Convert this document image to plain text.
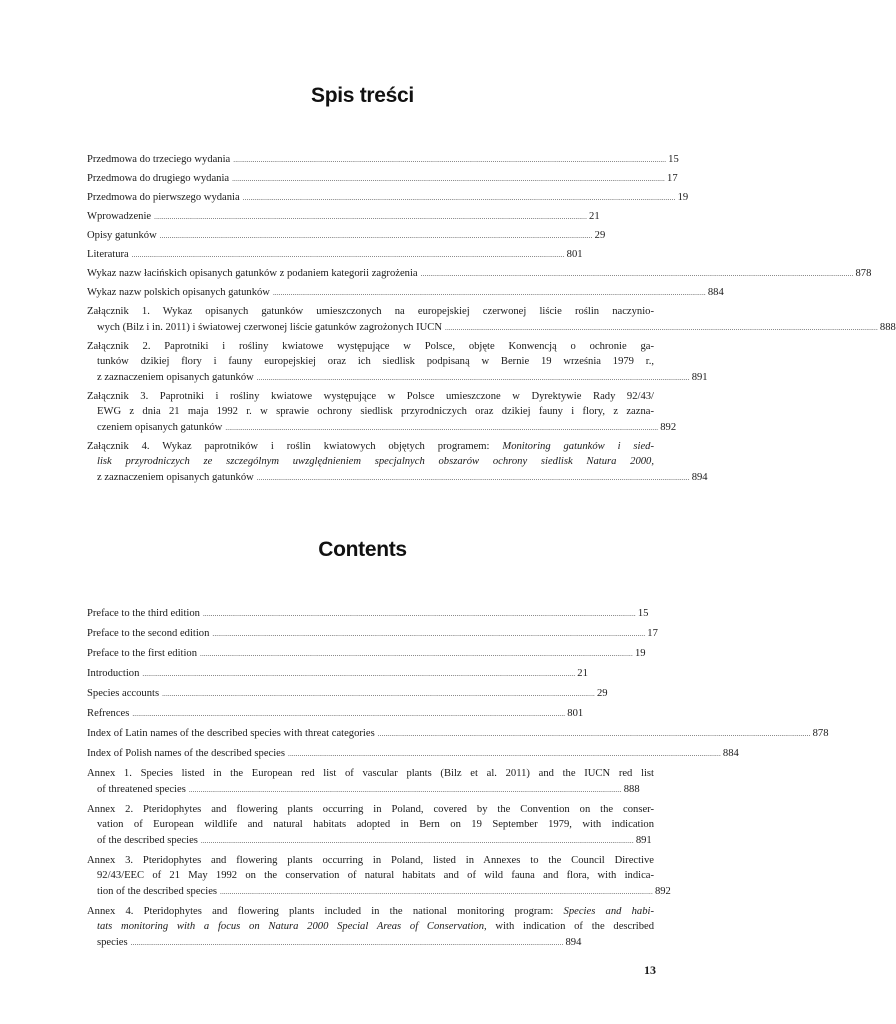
Spis treści
Przedmowa do trzeciego wydania .....	15
Przedmowa do drugiego wydania .....	17
Przedmowa do pierwszego wydania .....	19
Wprowadzenie .....	21
Opisy gatunków .....	29
Literatura .....	801
Wykaz nazw łacińskich opisanych gatunków z podaniem kategorii zagrożenia .....	878
Wykaz nazw polskich opisanych gatunków .....	884
Załącznik 1. Wykaz opisanych gatunków umieszczonych na europejskiej czerwonej liście roślin naczynio-
wych (Bilz i in. 2011) i światowej czerwonej liście gatunków zagrożonych IUCN .....	888
Załącznik 2. Paprotniki i rośliny kwiatowe występujące w Polsce, objęte Konwencją o ochronie ga-
tunków dzikiej flory i fauny europejskiej oraz ich siedlisk podpisaną w Bernie 19 września 1979 r.,
z zaznaczeniem opisanych gatunków .....	891
Załącznik 3. Paprotniki i rośliny kwiatowe występujące w Polsce umieszczone w Dyrektywie Rady 92/43/
EWG z dnia 21 maja 1992 r. w sprawie ochrony siedlisk przyrodniczych oraz dzikiej fauny i flory, z zazna-
czeniem opisanych gatunków .....	892
Załącznik 4. Wykaz paprotników i roślin kwiatowych objętych programem: Monitoring gatunków i sied-
lisk przyrodniczych ze szczególnym uwzględnieniem specjalnych obszarów ochrony siedlisk Natura 2000,
z zaznaczeniem opisanych gatunków .....	894
Contents
Preface to the third edition .....	15
Preface to the second edition .....	17
Preface to the first edition .....	19
Introduction .....	21
Species accounts .....	29
Refrences .....	801
Index of Latin names of the described species with threat categories .....	878
Index of Polish names of the described species .....	884
Annex 1. Species listed in the European red list of vascular plants (Bilz et al. 2011) and the IUCN red list
of threatened species .....	888
Annex 2. Pteridophytes and flowering plants occurring in Poland, covered by the Convention on the conser-
vation of European wildlife and natural habitats adopted in Bern on 19 September 1979, with indication
of the described species .....	891
Annex 3. Pteridophytes and flowering plants occurring in Poland, listed in Annexes to the Council Directive
92/43/EEC of 21 May 1992 on the conservation of natural habitats and of wild fauna and flora, with indica-
tion of the described species .....	892
Annex 4. Pteridophytes and flowering plants included in the national monitoring program: Species and habi-
tats monitoring with a focus on Natura 2000 Special Areas of Conservation, with indication of the described
species .....	894
13
